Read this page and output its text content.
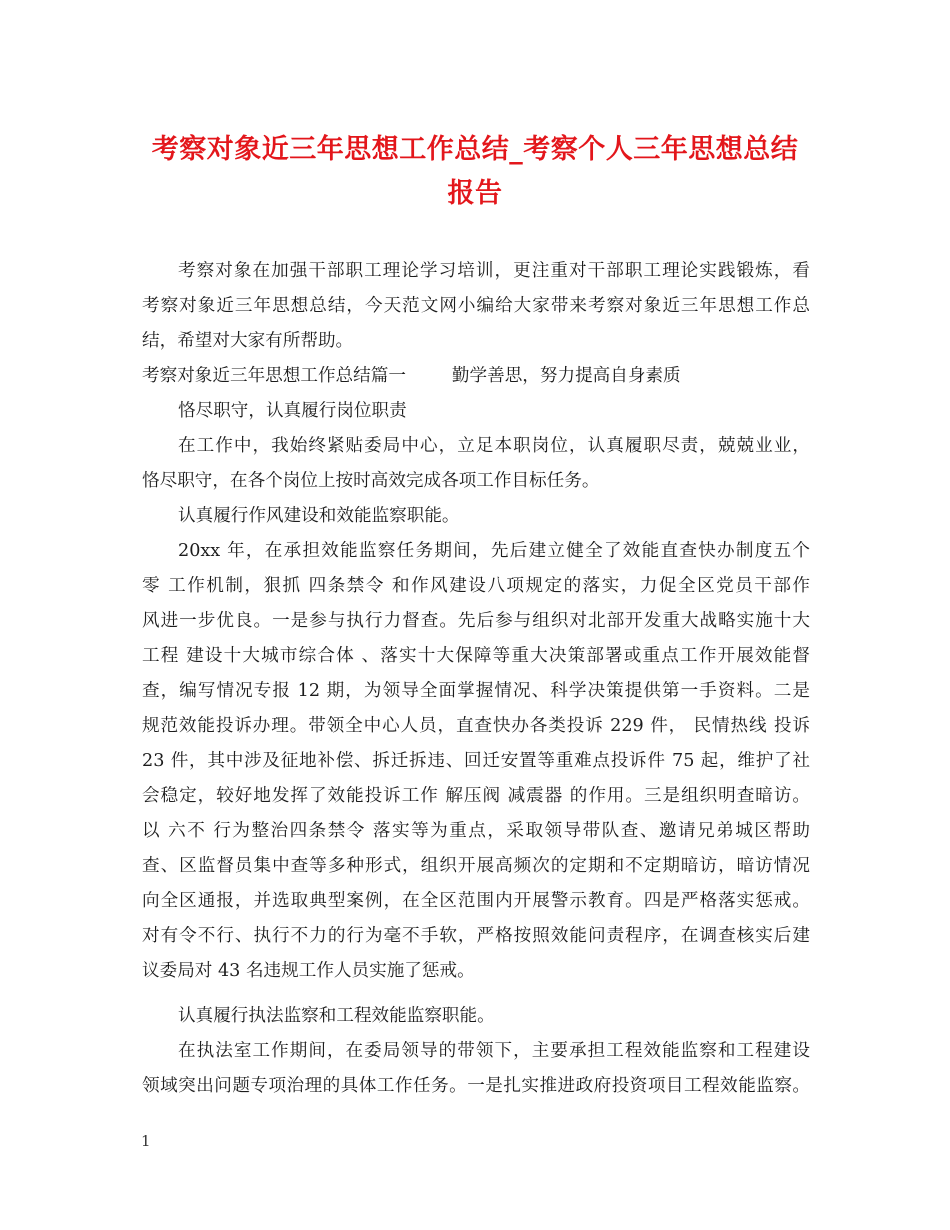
考察对象近三年思想工作总结_考察个人三年思想总结
报告
考察对象在加强干部职工理论学习培训，更注重对干部职工理论实践锻炼，看
考察对象近三年思想总结，今天范文网小编给大家带来考察对象近三年思想工作总
结，希望对大家有所帮助。
考察对象近三年思想工作总结篇一	勤学善思，努力提高自身素质
恪尽职守，认真履行岗位职责
在工作中，我始终紧贴委局中心，立足本职岗位，认真履职尽责，兢兢业业，
恪尽职守，在各个岗位上按时高效完成各项工作目标任务。
认真履行作风建设和效能监察职能。
20xx 年，在承担效能监察任务期间，先后建立健全了效能直查快办制度五个
零 工作机制，狠抓 四条禁令 和作风建设八项规定的落实，力促全区党员干部作
风进一步优良。一是参与执行力督查。先后参与组织对北部开发重大战略实施十大
工程 建设十大城市综合体 、落实十大保障等重大决策部署或重点工作开展效能督
查，编写情况专报 12 期，为领导全面掌握情况、科学决策提供第一手资料。二是
规范效能投诉办理。带领全中心人员，直查快办各类投诉 229 件， 民情热线 投诉
23 件，其中涉及征地补偿、拆迁拆违、回迁安置等重难点投诉件 75 起，维护了社
会稳定，较好地发挥了效能投诉工作 解压阀 减震器 的作用。三是组织明查暗访。
以 六不 行为整治四条禁令 落实等为重点，采取领导带队查、邀请兄弟城区帮助
查、区监督员集中查等多种形式，组织开展高频次的定期和不定期暗访，暗访情况
向全区通报，并选取典型案例，在全区范围内开展警示教育。四是严格落实惩戒。
对有令不行、执行不力的行为毫不手软，严格按照效能问责程序，在调查核实后建
议委局对 43 名违规工作人员实施了惩戒。
认真履行执法监察和工程效能监察职能。
在执法室工作期间，在委局领导的带领下，主要承担工程效能监察和工程建设
领域突出问题专项治理的具体工作任务。一是扎实推进政府投资项目工程效能监察。
1
